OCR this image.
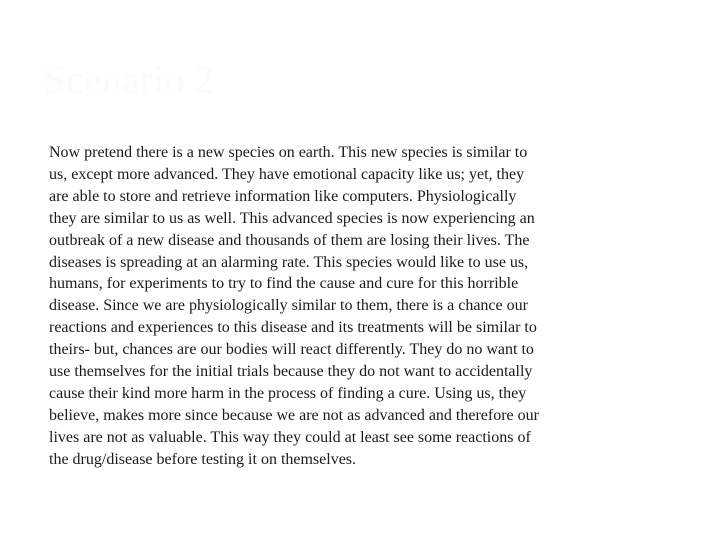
Scenario 2
Now pretend there is a new species on earth. This new species is similar to
us, except more advanced. They have emotional capacity like us; yet, they
are able to store and retrieve information like computers. Physiologically
they are similar to us as well. This advanced species is now experiencing an
outbreak of a new disease and thousands of them are losing their lives. The
diseases is spreading at an alarming rate. This species would like to use us,
humans, for experiments to try to find the cause and cure for this horrible
disease. Since we are physiologically similar to them, there is a chance our
reactions and experiences to this disease and its treatments will be similar to
theirs- but, chances are our bodies will react differently. They do no want to
use themselves for the initial trials because they do not want to accidentally
cause their kind more harm in the process of finding a cure. Using us, they
believe, makes more since because we are not as advanced and therefore our
lives are not as valuable. This way they could at least see some reactions of
the drug/disease before testing it on themselves.
